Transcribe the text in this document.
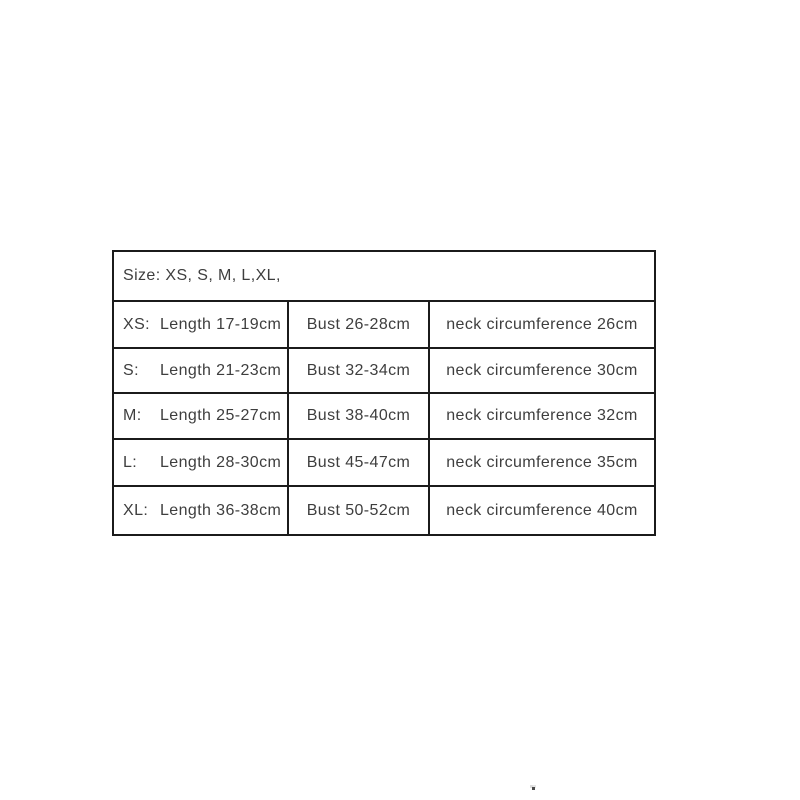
Size: XS, S, M, L,XL,
XS: Length 17-19cm Bust 26-28cm neck circumference 26cm
S:	Length 21-23cm Bust 32-34cm neck circumference 30cm
M:	Length 25-27cm Bust 38-40cm neck circumference 32cm
L:	Length 28-30cm Bust 45-47cm neck circumference 35cm
XL: Length 36-38cm Bust 50-52cm neck circumference 40cm
